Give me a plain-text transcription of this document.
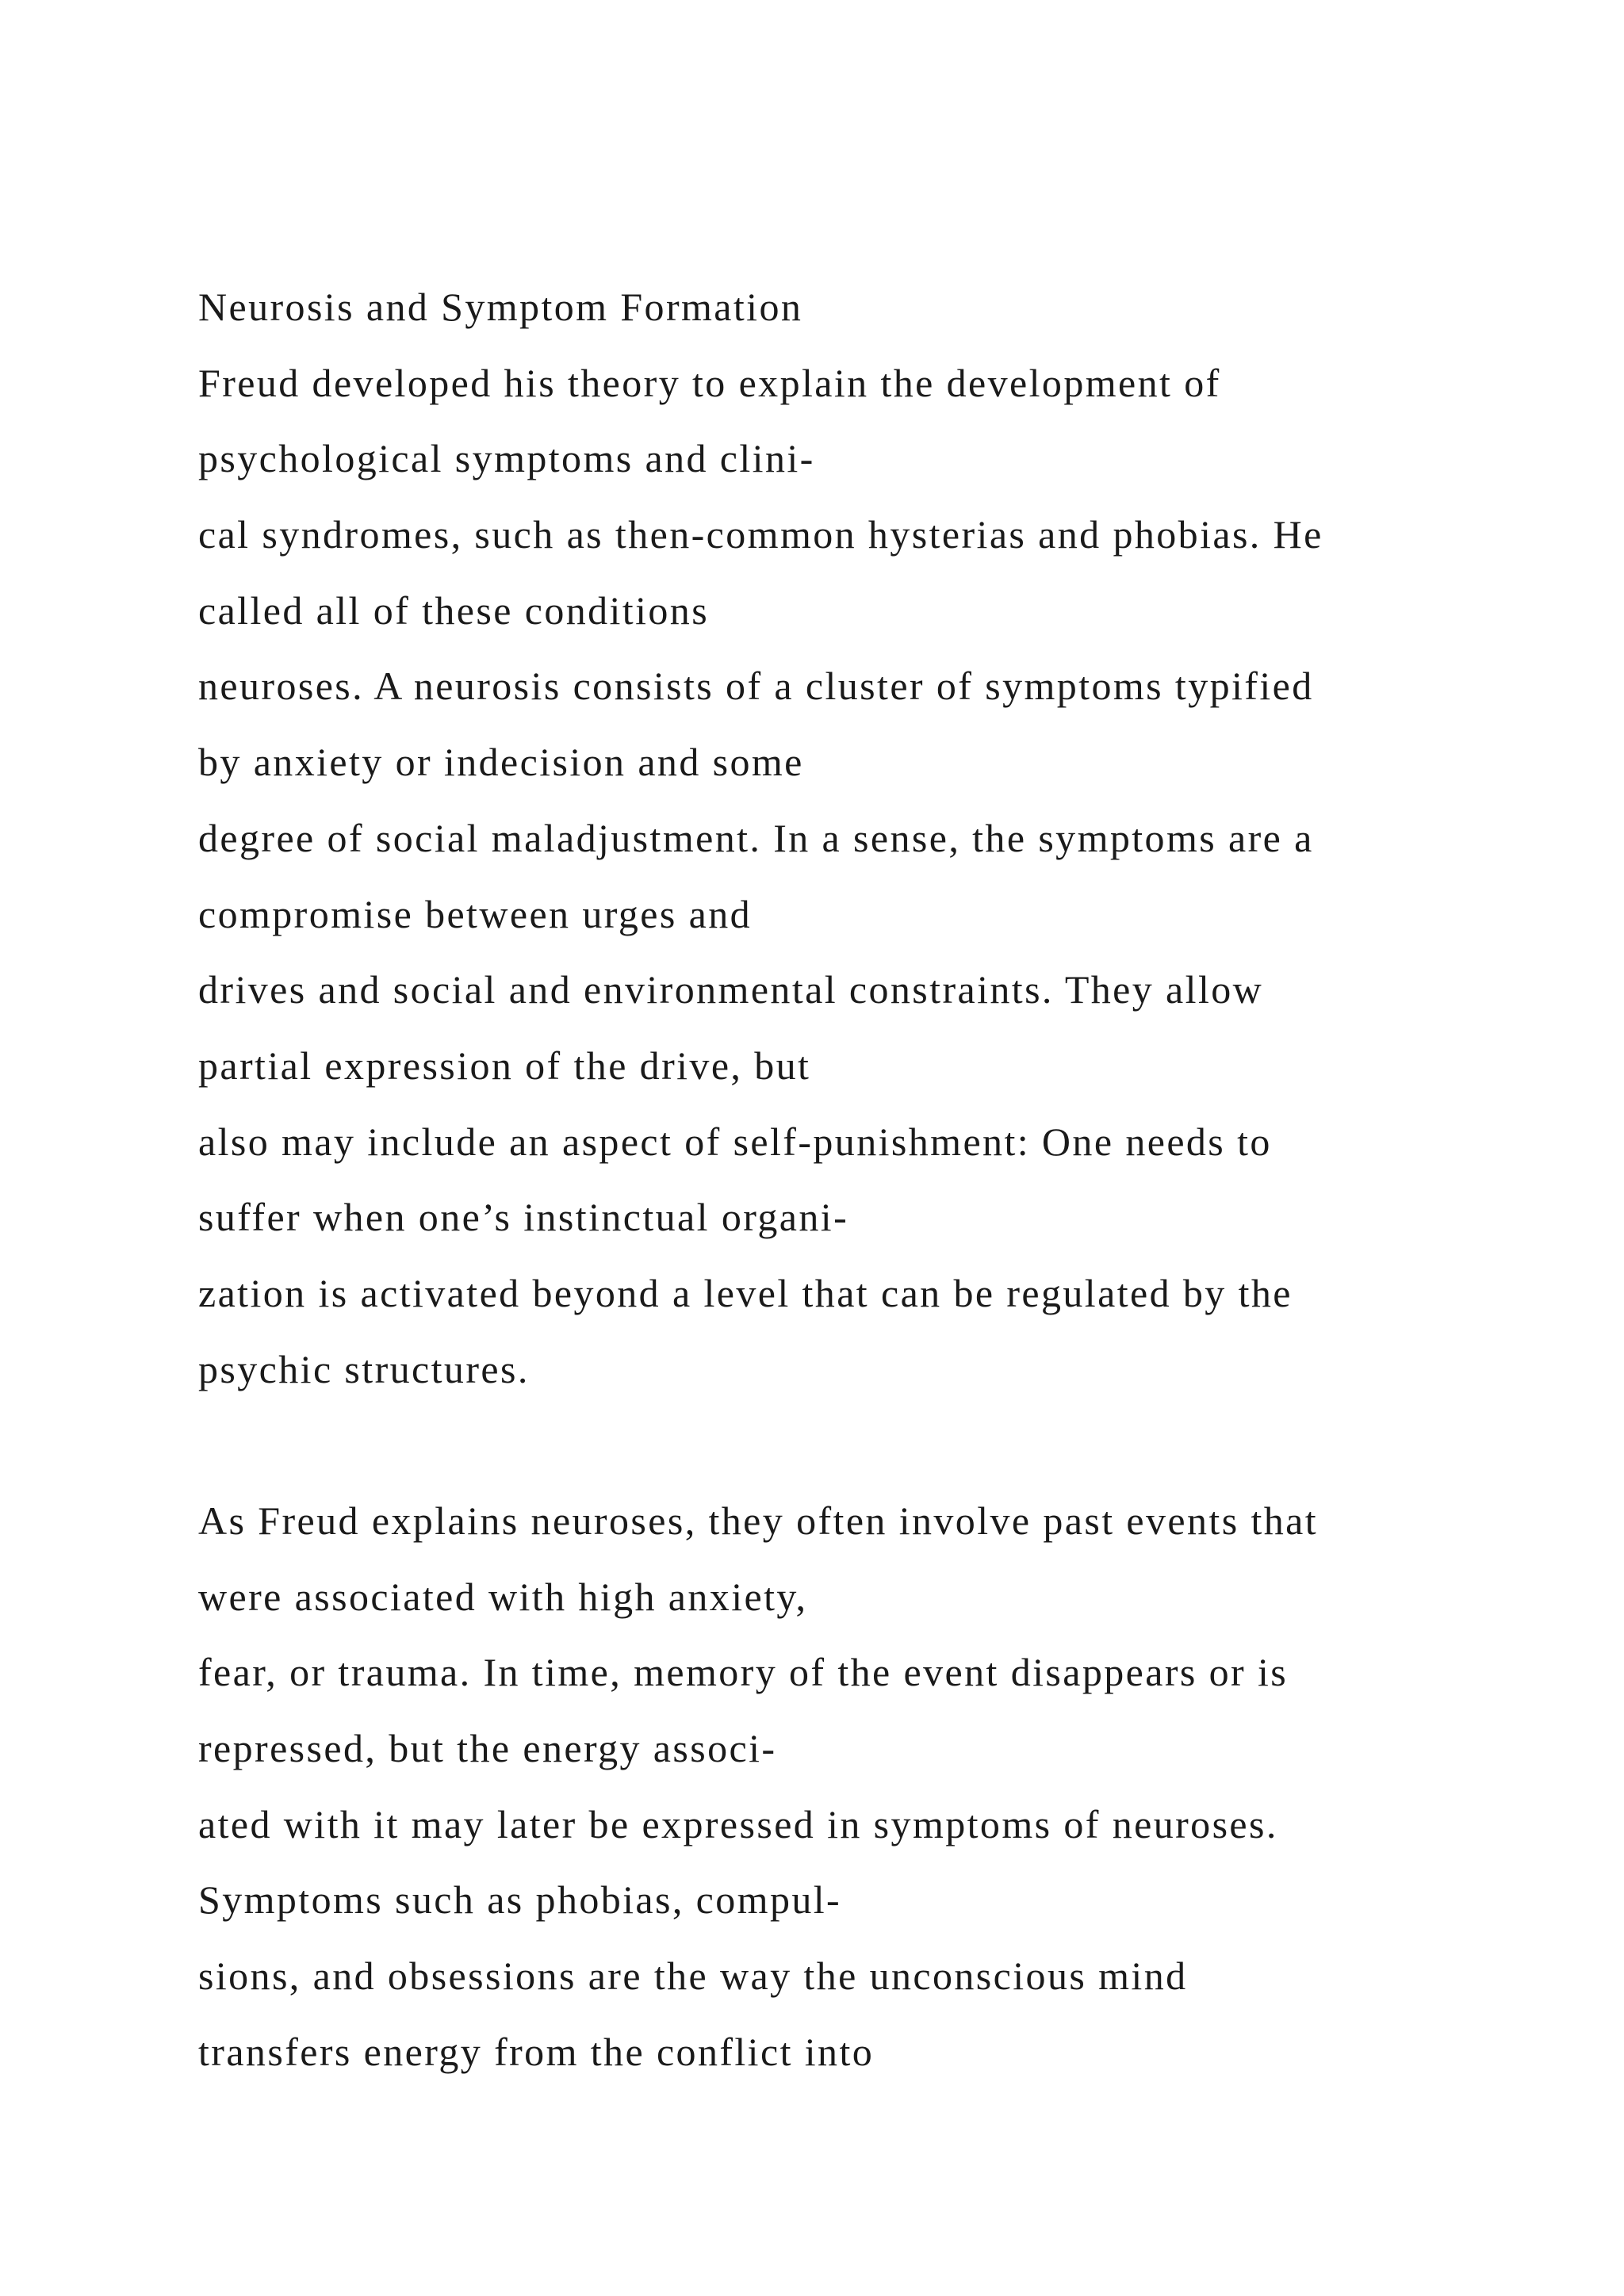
Neurosis and Symptom Formation
Freud developed his theory to explain the development of
psychological symptoms and clini-
cal syndromes, such as then-common hysterias and phobias. He
called all of these conditions
neuroses. A neurosis consists of a cluster of symptoms typified
by anxiety or indecision and some
degree of social maladjustment. In a sense, the symptoms are a
compromise between urges and
drives and social and environmental constraints. They allow
partial expression of the drive, but
also may include an aspect of self-punishment: One needs to
suffer when one’s instinctual organi-
zation is activated beyond a level that can be regulated by the
psychic structures.
As Freud explains neuroses, they often involve past events that
were associated with high anxiety,
fear, or trauma. In time, memory of the event disappears or is
repressed, but the energy associ-
ated with it may later be expressed in symptoms of neuroses.
Symptoms such as phobias, compul-
sions, and obsessions are the way the unconscious mind
transfers energy from the conflict into
